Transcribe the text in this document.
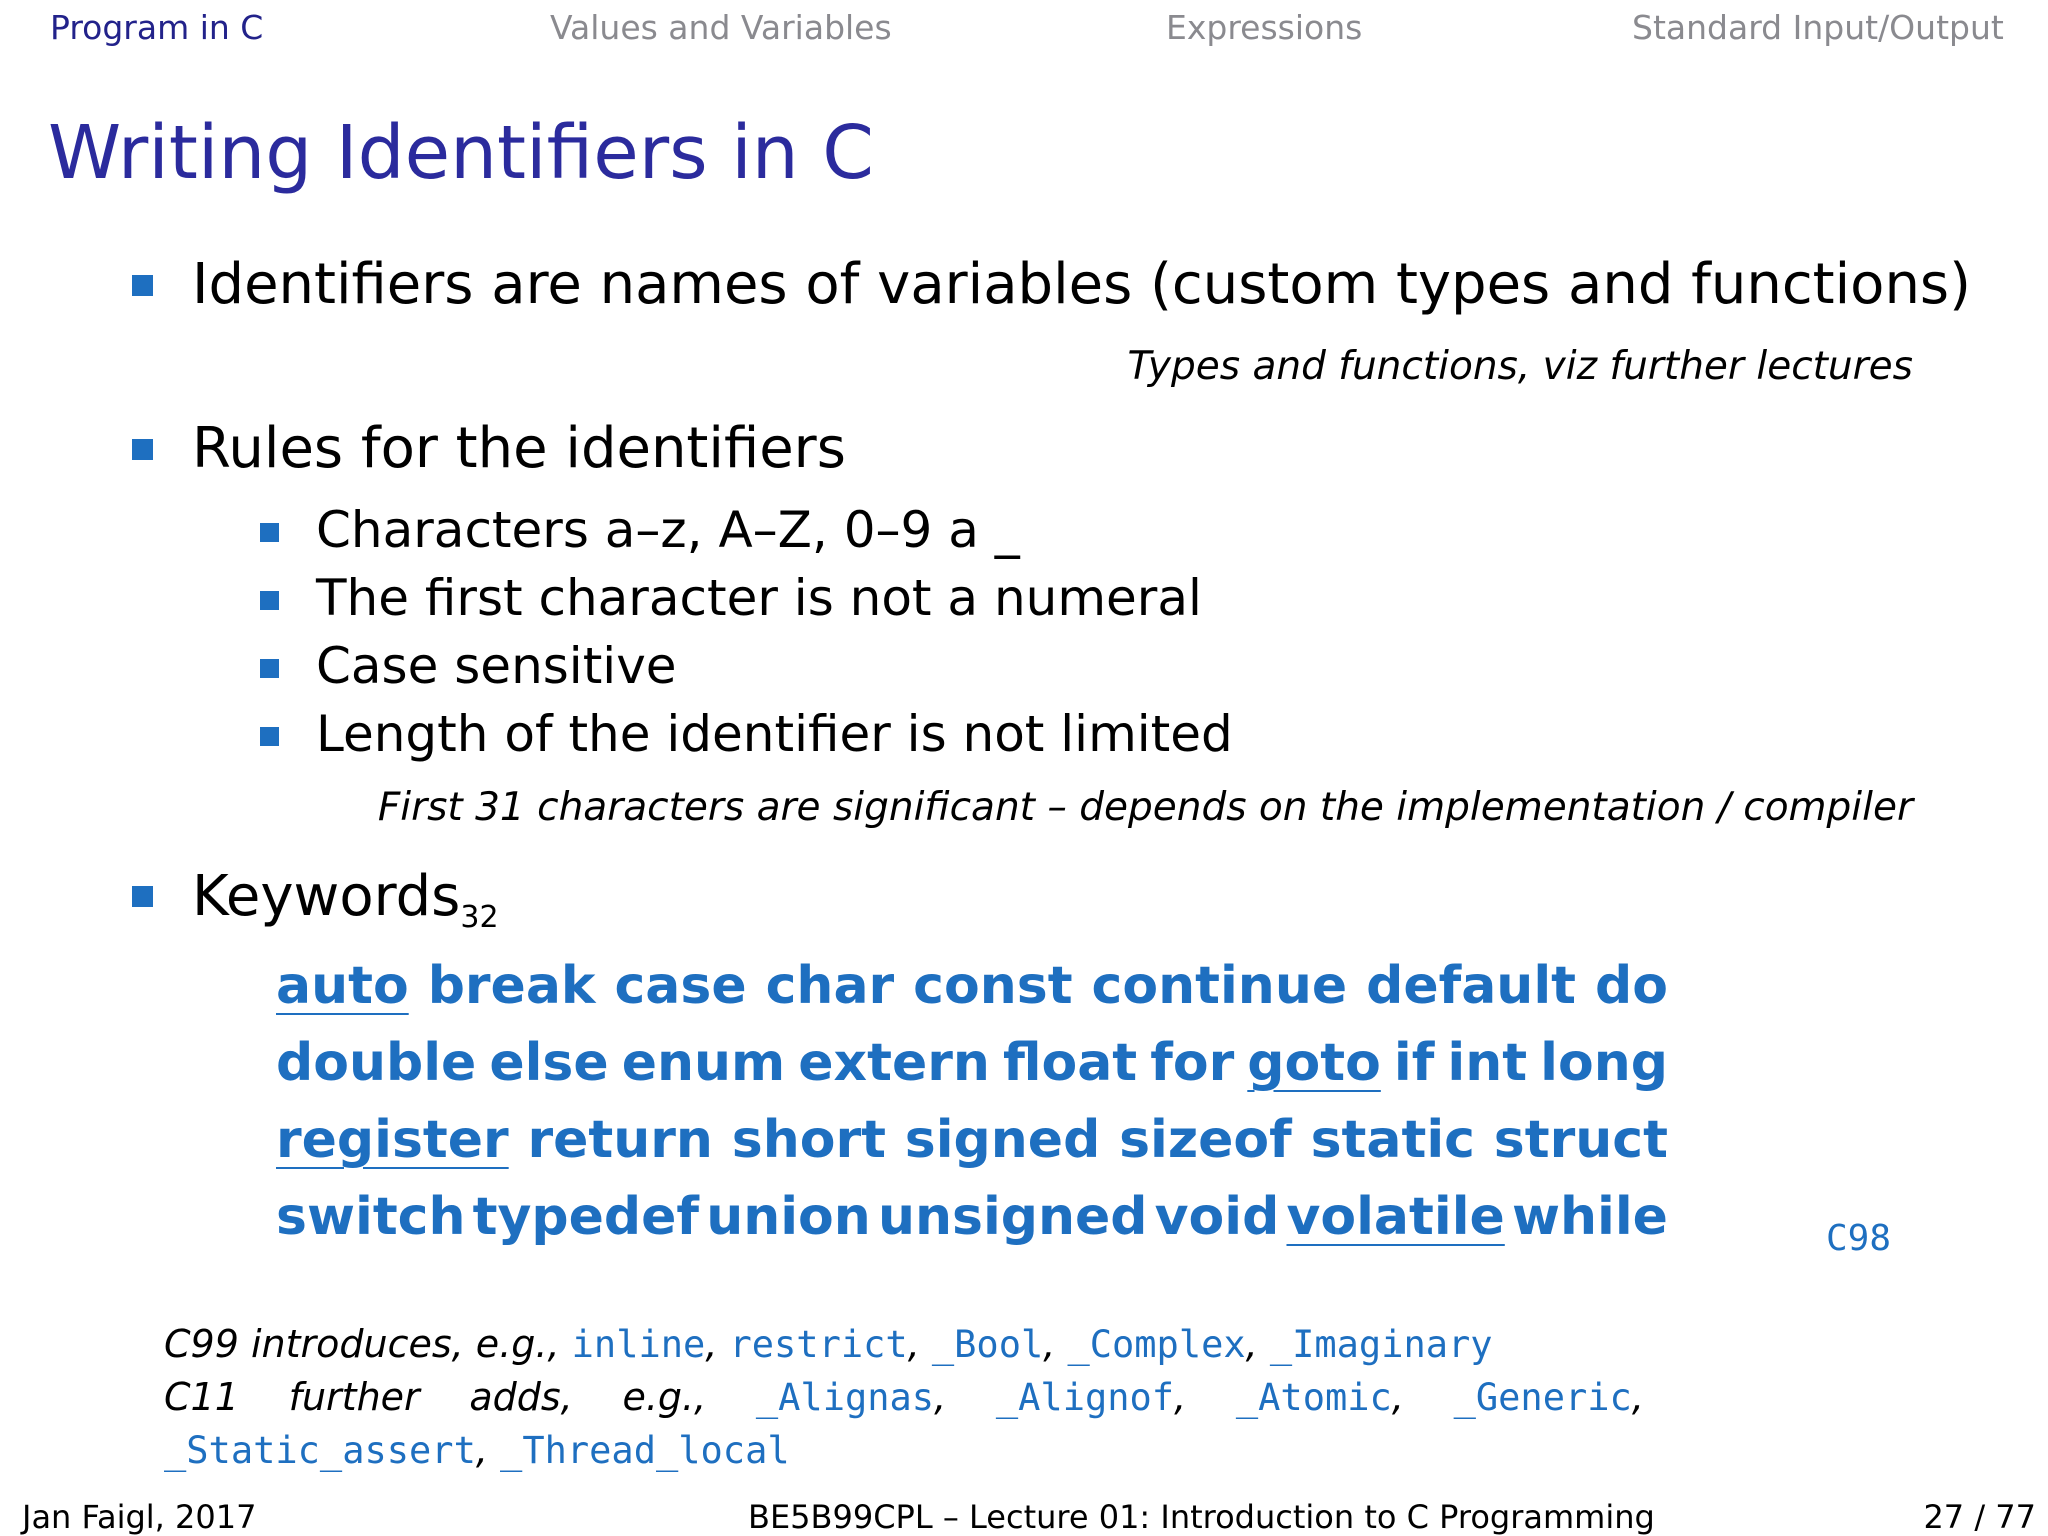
Program in C	Values and Variables	Expressions	Standard Input/Output
Writing Identifiers in C
Identifiers are names of variables (custom types and functions)
Types and functions, viz further lectures
Rules for the identifiers
Characters a–z, A–Z, 0–9 a _
The first character is not a numeral
Case sensitive
Length of the identifier is not limited
First 31 characters are significant – depends on the implementation / compiler
Keywords$_{32}$
auto break case char const continue default do
double else enum extern float for goto if int long
register return short signed sizeof static struct
switch typedef union unsigned void volatile while	C98
C99 introduces, e.g., inline, restrict, _Bool, _Complex, _Imaginary
C11 further adds, e.g., _Alignas, _Alignof, _Atomic, _Generic,
_Static_assert, _Thread_local
Jan Faigl, 2017	BE5B99CPL – Lecture 01: Introduction to C Programming	27 / 77
